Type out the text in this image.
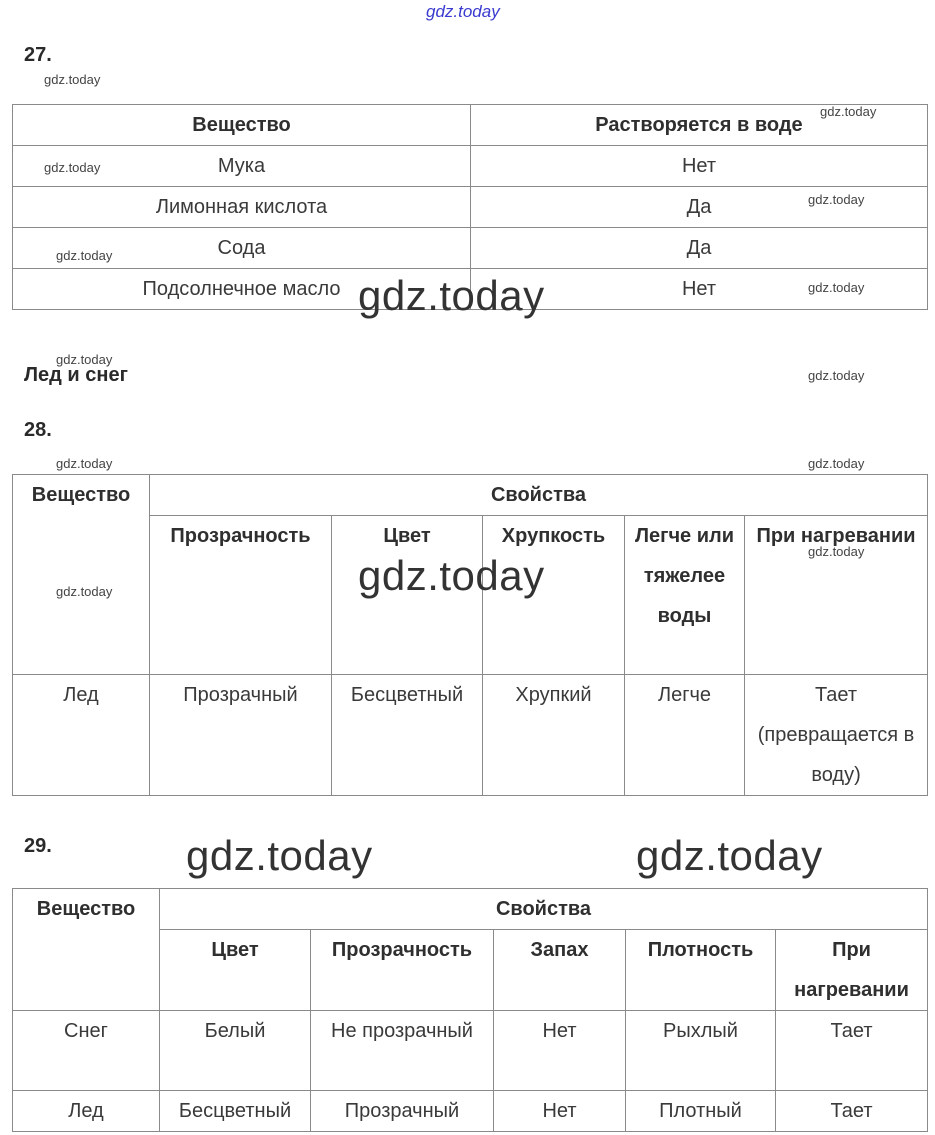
gdz.today
27.
Вещество	Растворяется в воде
Мука	Нет
Лимонная кислота	Да
Сода	Да
Подсолнечное масло	Нет
Лед и снег
28.
Вещество	Свойства				
	Прозрачность	Цвет	Хрупкость	Легче или тяжелее воды	При нагревании
Лед	Прозрачный	Бесцветный	Хрупкий	Легче	Тает (превращается в воду)
29.
Вещество	Свойства				
	Цвет	Прозрачность	Запах	Плотность	При нагревании
Снег	Белый	Не прозрачный	Нет	Рыхлый	Тает
Лед	Бесцветный	Прозрачный	Нет	Плотный	Тает
gdz.today
gdz.today
gdz.today
gdz.today
gdz.today
gdz.today
gdz.today
gdz.today
gdz.today	gdz.today
gdz.today
gdz.today
gdz.today
gdz.today
gdz.today	gdz.today
